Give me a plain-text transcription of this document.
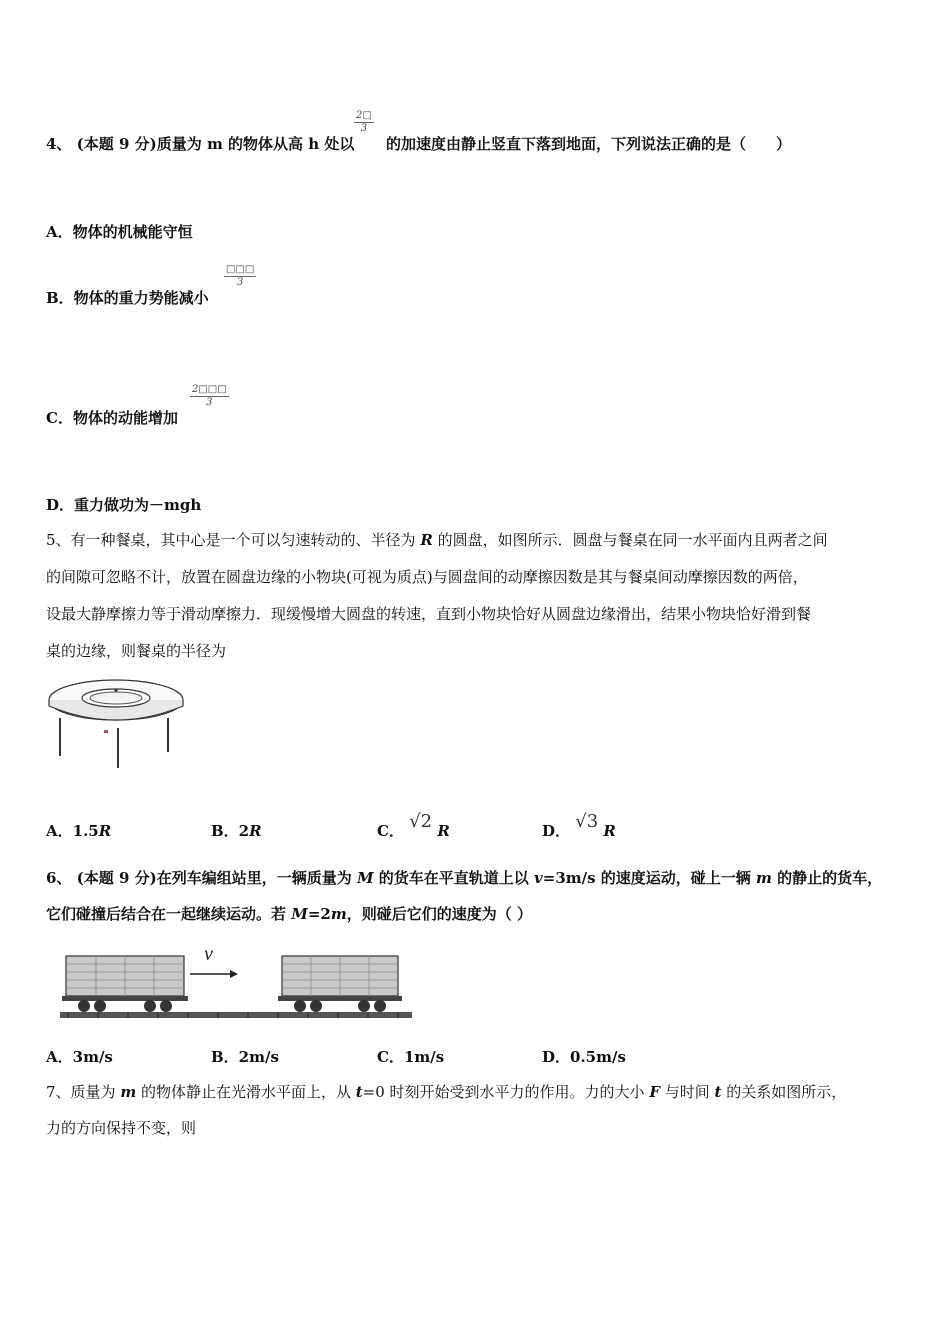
4、 (本题 9 分)质量为 m 的物体从高 h 处以 的加速度由静止竖直下落到地面，下列说法正确的是（　　）
$\frac{2□}{3}$
A．物体的机械能守恒
B．物体的重力势能减小
□□□
3
C．物体的动能增加
$\frac{2□□□}{3}$
D．重力做功为－mgh
5、有一种餐桌，其中心是一个可以匀速转动的、半径为 R 的圆盘，如图所示．圆盘与餐桌在同一水平面内且两者之间
的间隙可忽略不计，放置在圆盘边缘的小物块(可视为质点)与圆盘间的动摩擦因数是其与餐桌间动摩擦因数的两倍，
设最大静摩擦力等于滑动摩擦力．现缓慢增大圆盘的转速，直到小物块恰好从圆盘边缘滑出，结果小物块恰好滑到餐
桌的边缘，则餐桌的半径为
A．1.5R	B．2R	C． √2 R	D． √3 R
6、 (本题 9 分)在列车编组站里，一辆质量为 M 的货车在平直轨道上以 v=3m/s 的速度运动，碰上一辆 m 的静止的货车，
它们碰撞后结合在一起继续运动。若 M=2m，则碰后它们的速度为（ ）
v
A．3m/s	B．2m/s	C．1m/s	D．0.5m/s
7、质量为 m 的物体静止在光滑水平面上，从 t=0 时刻开始受到水平力的作用。力的大小 F 与时间 t 的关系如图所示，
力的方向保持不变，则
